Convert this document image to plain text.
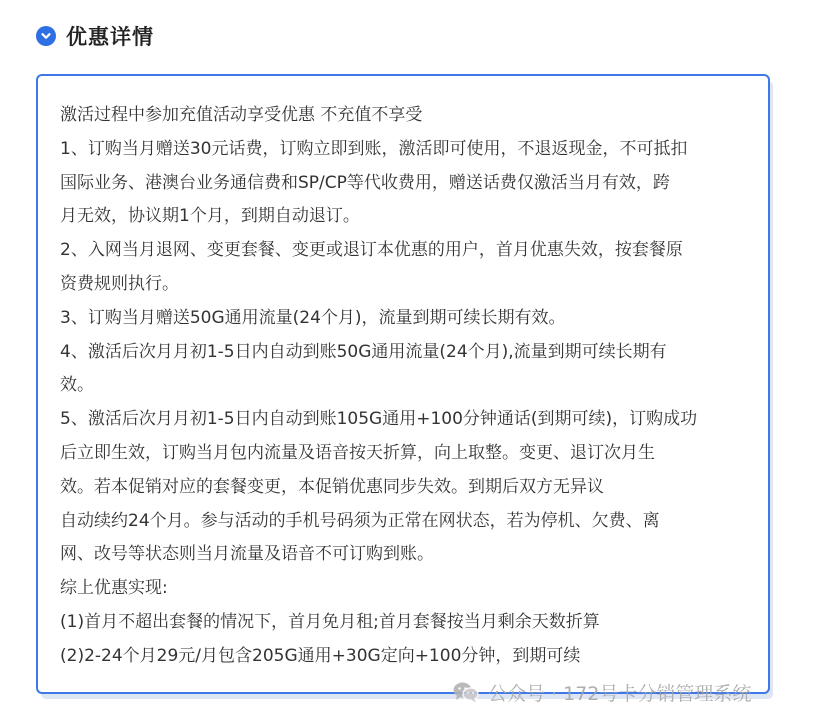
优惠详情
激活过程中参加充值活动享受优惠 不充值不享受
1、订购当月赠送30元话费，订购立即到账，激活即可使用，不退返现金，不可抵扣
国际业务、港澳台业务通信费和SP/CP等代收费用，赠送话费仅激活当月有效，跨
月无效，协议期1个月，到期自动退订。
2、入网当月退网、变更套餐、变更或退订本优惠的用户，首月优惠失效，按套餐原
资费规则执行。
3、订购当月赠送50G通用流量(24个月)，流量到期可续长期有效。
4、激活后次月月初1-5日内自动到账50G通用流量(24个月),流量到期可续长期有
效。
5、激活后次月月初1-5日内自动到账105G通用+100分钟通话(到期可续)，订购成功
后立即生效，订购当月包内流量及语音按天折算，向上取整。变更、退订次月生
效。若本促销对应的套餐变更，本促销优惠同步失效。到期后双方无异议
自动续约24个月。参与活动的手机号码须为正常在网状态，若为停机、欠费、离
网、改号等状态则当月流量及语音不可订购到账。
综上优惠实现:
(1)首月不超出套餐的情况下，首月免月租;首月套餐按当月剩余天数折算
(2)2-24个月29元/月包含205G通用+30G定向+100分钟，到期可续
公众号 · 172号卡分销管理系统
